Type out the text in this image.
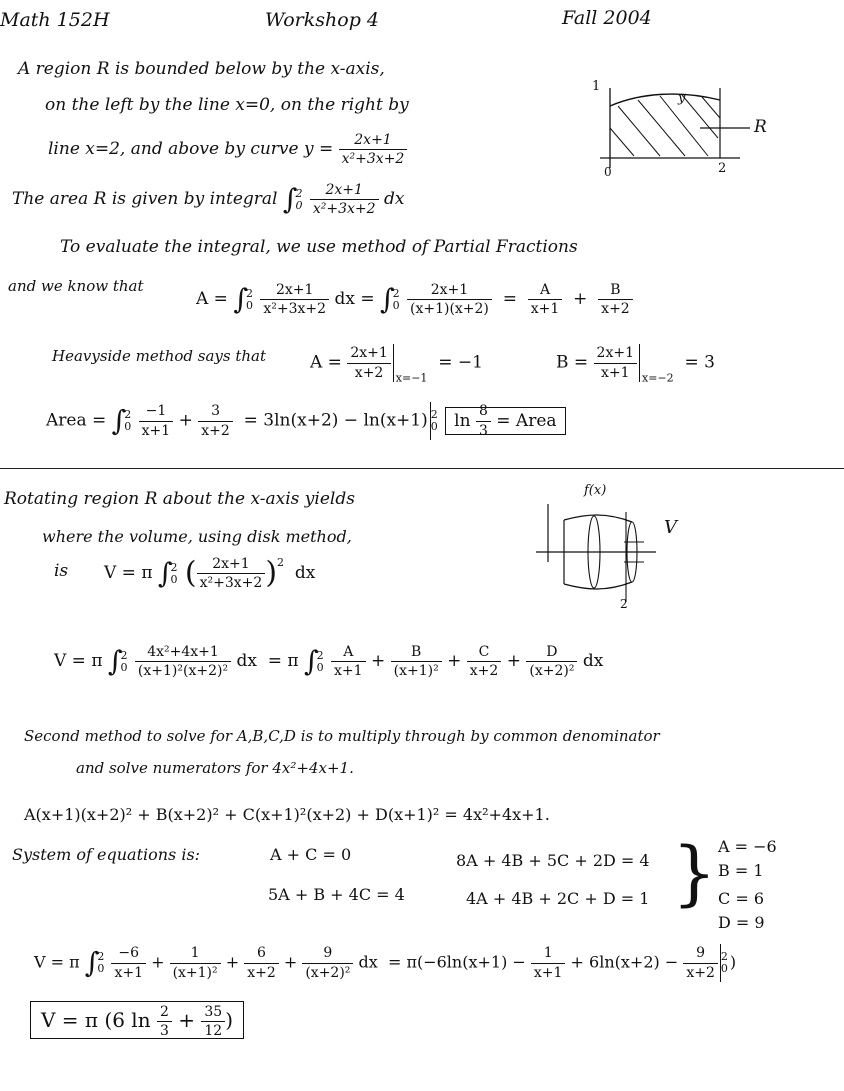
Math 152H	Workshop 4	Fall 2004
A region R is bounded below by the x-axis,
on the left by the line x=0, on the right by
line x=2, and above by curve $y = \frac{2x+1}{\text{x²+3x+2}}$
The area R is given by integral ∫
2
0
$\frac{2x+1}{\text{x²+3x+2}}$ dx
1
y
R
0	2
To evaluate the integral, we use method of Partial Fractions
and we know that
A = ∫
2
0
$\frac{2x+1}{\text{x²+3x+2}}$ dx = ∫
2
0
$\frac{2x+1}{(x+1)(x+2)} = \frac{A}{x+1} + \frac{B}{x+2}$
Heavyside method says that	$A = \frac{2x+1}{x+2} _{x=-1} = -1$	$B = \frac{2x+1}{x+1} _{x=-2} = 3$
Area = ∫
2
0
$\frac{-1}{x+1} + \frac{3}{x+2} = 3\ln(x+2) - \ln(x+1)$ 2
0 $\ln \frac{8}{3}$ = Area
Rotating region R about the x-axis yields
where the volume, using disk method,
is V = π ∫
2
0 ( $\frac{2x+1}{\text{x²+3x+2}} )^2$  dx
f(x)
V
2
V = π ∫
2
0
$\frac{\text{4x²+4x+1}}{\text{(x+1)²(x+2)²}}$ dx = π ∫
2
0
$\frac{A}{x+1} + \frac{B}{\text{(x+1)²}} + \frac{C}{x+2} + \frac{D}{\text{(x+2)²}}$ dx
Second method to solve for A,B,C,D is to multiply through by common denominator
and solve numerators for 4x²+4x+1.
A(x+1)(x+2)² + B(x+2)² + C(x+1)²(x+2) + D(x+1)² = 4x²+4x+1.
System of equations is:	A + C = 0
5A + B + 4C = 4
8A + 4B + 5C + 2D = 4
4A + 4B + 2C + D = 1 } A = −6
B = 1
C = 6
D = 9
V = π ∫
2
0
$\frac{-6}{x+1} + \frac{1}{\text{(x+1)²}} + \frac{6}{x+2} + \frac{9}{\text{(x+2)²}}$ dx = $\pi(-6\ln(x+1) - \frac{1}{x+1} + 6\ln(x+2) - \frac{9}{x+2} 2$
0 )
V = π (6 $\ln \frac{2}{3} + \frac{35}{12}$ )
